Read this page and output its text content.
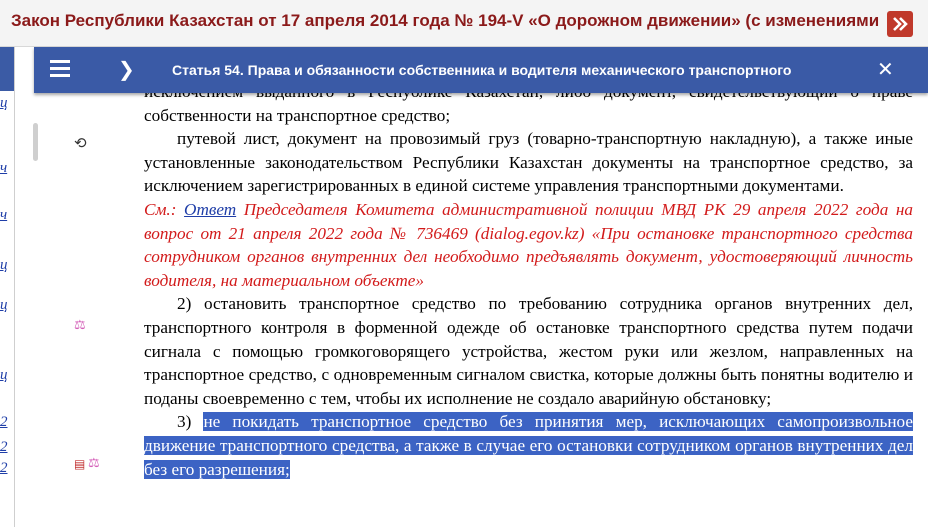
Закон Республики Казахстан от 17 апреля 2014 года № 194-V «О дорожном движении» (с изменениями
ц
ч
ч
ц
ц
ц
2
2
2

собственности на транспортное средство;

путевой лист, документ на провозимый груз (товарно-транспортную накладную), а также иные установленные законодательством Республики Казахстан документы на транспортное средство, за исключением зарегистрированных в единой системе управления транспортными документами.

См.: Ответ Председателя Комитета административной полиции МВД РК 29 апреля 2022 года на вопрос от 21 апреля 2022 года № 736469 (dialog.egov.kz) «При остановке транспортного средства сотрудником органов внутренних дел необходимо предъявлять документ, удостоверяющий личность водителя, на материальном объекте»

2) остановить транспортное средство по требованию сотрудника органов внутренних дел, транспортного контроля в форменной одежде об остановке транспортного средства путем подачи сигнала с помощью громкоговорящего устройства, жестом руки или жезлом, направленных на транспортное средство, с одновременным сигналом свистка, которые должны быть понятны водителю и поданы своевременно с тем, чтобы их исполнение не создало аварийную обстановку;

3) не покидать транспортное средство без принятия мер, исключающих самопроизвольное движение транспортного средства, а также в случае его остановки сотрудником органов внутренних дел без его разрешения;

⟲
⚖
▤ ⚖
❯	Статья 54. Права и обязанности собственника и водителя механического транспортного	✕
